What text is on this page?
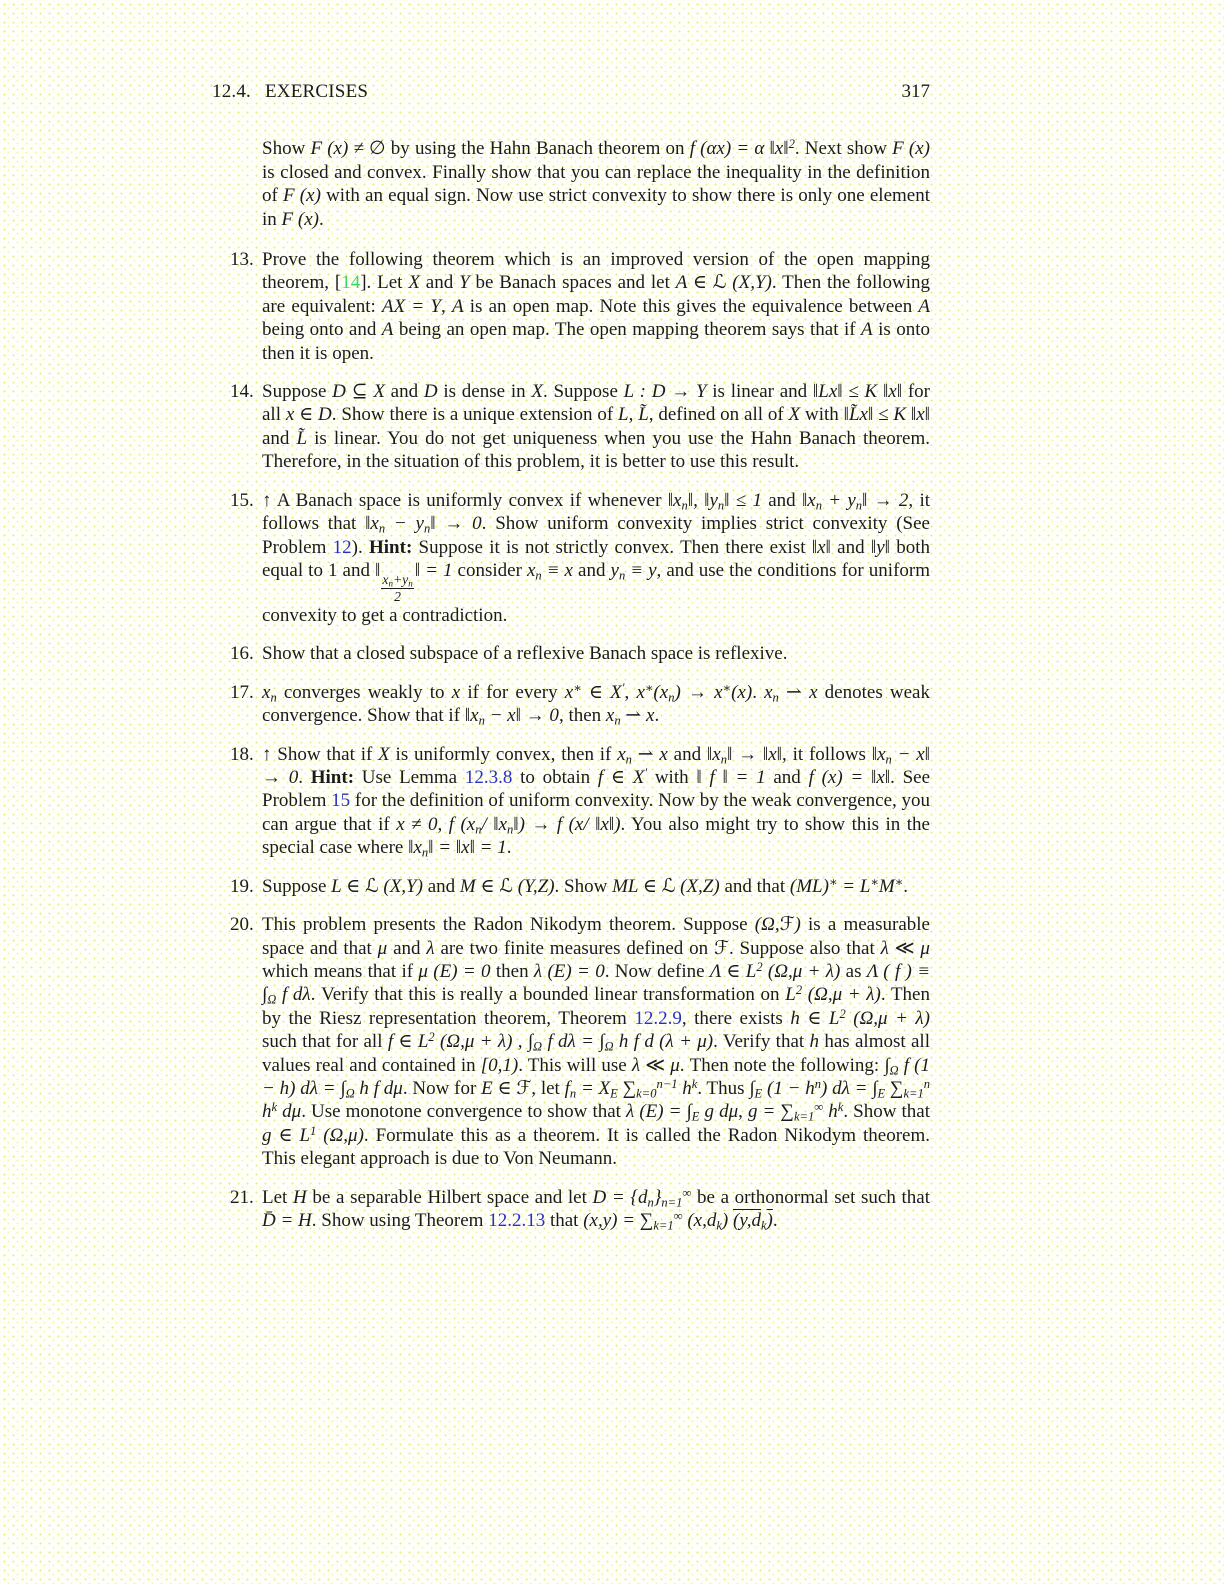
12.4. EXERCISES	317
Show F (x) ≠ ∅ by using the Hahn Banach theorem on f (αx) = α ‖x‖$^2$. Next show F (x) is closed and convex. Finally show that you can replace the inequality in the definition of F (x) with an equal sign. Now use strict convexity to show there is only one element in F (x).
13. Prove the following theorem which is an improved version of the open mapping theorem, [14]. Let X and Y be Banach spaces and let A ∈ ℒ (X,Y). Then the following are equivalent: AX = Y, A is an open map. Note this gives the equivalence between A being onto and A being an open map. The open mapping theorem says that if A is onto then it is open.
14. Suppose D ⊆ X and D is dense in X. Suppose L : D → Y is linear and ‖Lx‖ ≤ K ‖x‖ for all x ∈ D. Show there is a unique extension of L, L̃, defined on all of X with ‖L̃x‖ ≤ K ‖x‖ and L̃ is linear. You do not get uniqueness when you use the Hahn Banach theorem. Therefore, in the situation of this problem, it is better to use this result.
15. ↑ A Banach space is uniformly convex if whenever $‖x_n‖$, $‖y_n‖ \le 1$ and $‖x_n$ + $y_n‖ \to 2$, it follows that $‖x_n$ − $y_n‖ \to 0$. Show uniform convexity implies strict convexity (See Problem 12). Hint: Suppose it is not strictly convex. Then there exist ‖x‖ and ‖y‖ both equal to 1 and ‖
$\frac{x_n+y_n}{2}$
‖ = 1 consider $x_n \equiv x$ and $y_n \equiv y$, and use the conditions for uniform convexity to get a contradiction.
16. Show that a closed subspace of a reflexive Banach space is reflexive.
17. $x_n$ converges weakly to x if for every x∗ ∈ X′, $x^∗(x_n) \to x^∗(x)$. $x_n$ ⇀ x denotes weak convergence. Show that if $‖x_n$ − x‖ → 0, then $x_n$ ⇀ x.
18. ↑ Show that if X is uniformly convex, then if $x_n$ ⇀ x and $‖x_n‖$ → ‖x‖, it follows $‖x_n$ − x‖ → 0. Hint: Use Lemma 12.3.8 to obtain f ∈ X′ with ‖ f ‖ = 1 and f (x) = ‖x‖. See Problem 15 for the definition of uniform convexity. Now by the weak convergence, you can argue that if x ≠ 0, f ($x_n/$ $‖x_n‖) \to f$ (x/ ‖x‖). You also might try to show this in the special case where $‖x_n‖$ = ‖x‖ = 1.
19. Suppose L ∈ ℒ (X,Y) and M ∈ ℒ (Y,Z). Show ML ∈ ℒ (X,Z) and that (ML)∗ = L∗M∗.
20. This problem presents the Radon Nikodym theorem. Suppose (Ω,ℱ) is a measurable space and that μ and λ are two finite measures defined on ℱ. Suppose also that λ ≪ μ which means that if μ (E) = 0 then λ (E) = 0. Now define Λ ∈ $L^2$ (Ω,μ + λ) as Λ ( f ) ≡ $\int_\Omega$ f dλ. Verify that this is really a bounded linear transformation on $L^2$ (Ω,μ + λ). Then by the Riesz representation theorem, Theorem 12.2.9, there exists h ∈ $L^2$ (Ω,μ + λ) such that for all f ∈ $L^2$ (Ω,μ + λ) , $\int_\Omega$ f $d\lambda = \int_\Omega$ h f d (λ + μ). Verify that h has almost all values real and contained in [0,1). This will use λ ≪ μ. Then note the following: $\int_\Omega$ f (1 − h) $d\lambda = \int_\Omega$ h f dμ. Now for E ∈ ℱ, let $f_n = X_E$ $\sum_{k=0}^{n-1}$ $h^k$. Thus $\int_E$ $(1 - h^n)$ $d\lambda = \int_E$ $\sum_{k=1}^n$ $h^k$ dμ. Use monotone convergence to show that λ $(E) = \int_E$ g dμ, $g = \sum_{k=1}^\infty$ $h^k$. Show that g ∈ $L^1$ (Ω,μ). Formulate this as a theorem. It is called the Radon Nikodym theorem. This elegant approach is due to Von Neumann.
21. Let H be a separable Hilbert space and let $D = \{d_n\}_{n=1}^\infty$ be a orthonormal set such that D̄ = H. Show using Theorem 12.2.13 that $(x,y) = \sum_{k=1}^\infty$ $(x,d_k)$ $(y,d_k)$.
